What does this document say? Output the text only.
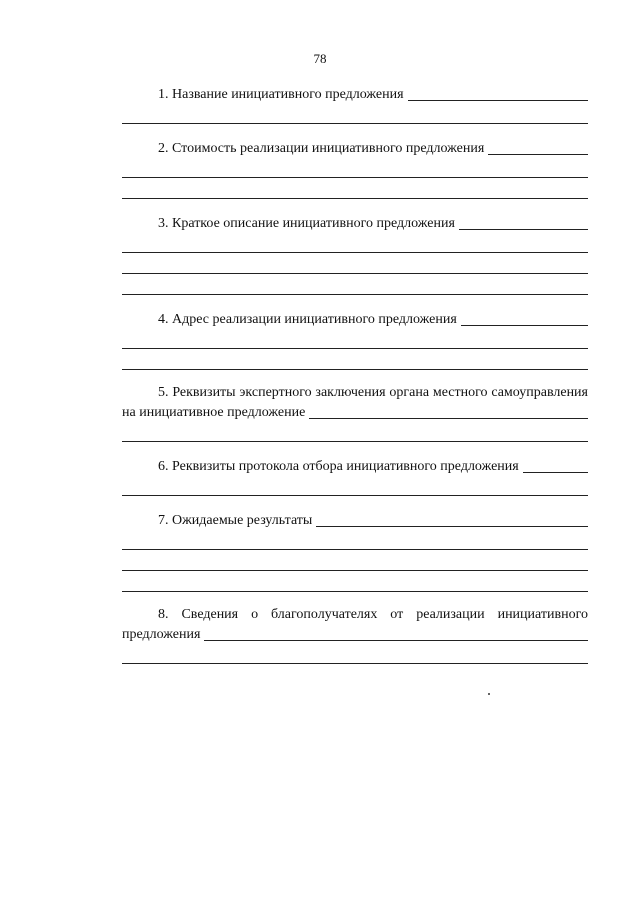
78
1. Название инициативного предложения
2. Стоимость реализации инициативного предложения
3. Краткое описание инициативного предложения
4. Адрес реализации инициативного предложения
5. Реквизиты экспертного заключения органа местного самоуправления
на инициативное предложение
6. Реквизиты протокола отбора инициативного предложения
7. Ожидаемые результаты
8. Сведения о благополучателях от реализации инициативного
предложения
